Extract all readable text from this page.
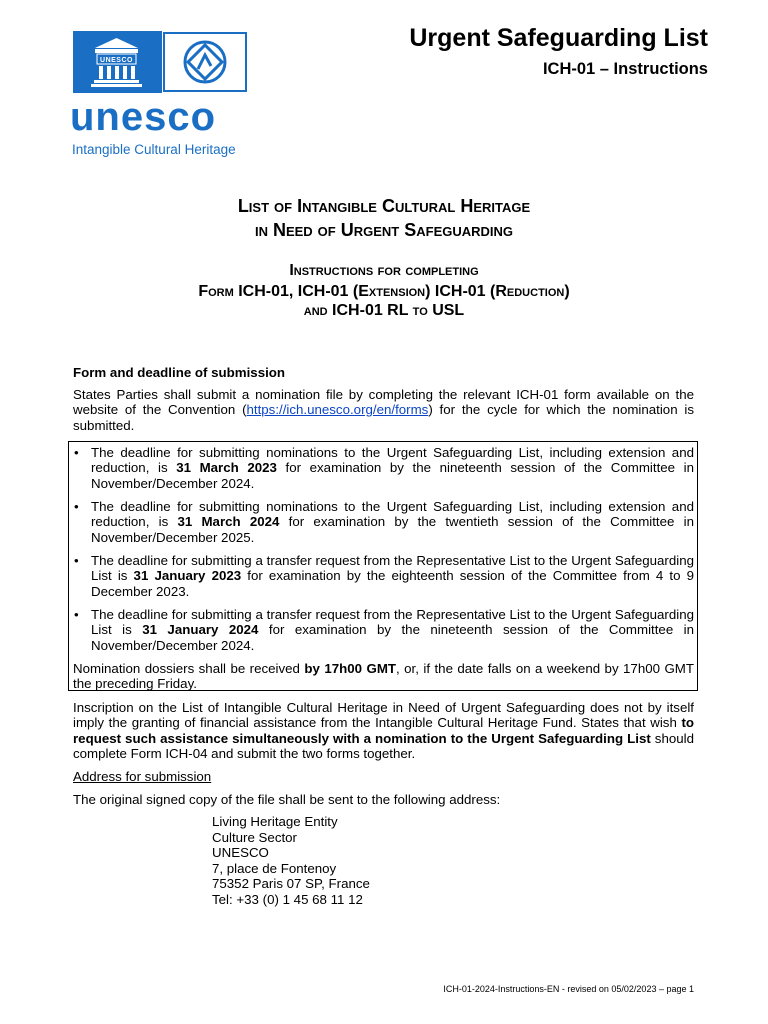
UNESCO
unesco
Intangible Cultural Heritage
Urgent Safeguarding List
ICH-01 – Instructions
List of Intangible Cultural Heritage
in Need of Urgent Safeguarding
Instructions for completing
Form ICH-01, ICH-01 (Extension) ICH-01 (Reduction)
and ICH-01 RL to USL
Form and deadline of submission
States Parties shall submit a nomination file by completing the relevant ICH-01 form available on the website of the Convention (https://ich.unesco.org/en/forms) for the cycle for which the nomination is submitted.
• The deadline for submitting nominations to the Urgent Safeguarding List, including extension and reduction, is 31 March 2023 for examination by the nineteenth session of the Committee in November/December 2024.
• The deadline for submitting nominations to the Urgent Safeguarding List, including extension and reduction, is 31 March 2024 for examination by the twentieth session of the Committee in November/December 2025.
• The deadline for submitting a transfer request from the Representative List to the Urgent Safeguarding List is 31 January 2023 for examination by the eighteenth session of the Committee from 4 to 9 December 2023.
• The deadline for submitting a transfer request from the Representative List to the Urgent Safeguarding List is 31 January 2024 for examination by the nineteenth session of the Committee in November/December 2024.
Nomination dossiers shall be received by 17h00 GMT, or, if the date falls on a weekend by 17h00 GMT the preceding Friday.
Inscription on the List of Intangible Cultural Heritage in Need of Urgent Safeguarding does not by itself imply the granting of financial assistance from the Intangible Cultural Heritage Fund. States that wish to request such assistance simultaneously with a nomination to the Urgent Safeguarding List should complete Form ICH-04 and submit the two forms together.
Address for submission
The original signed copy of the file shall be sent to the following address:
Living Heritage Entity
Culture Sector
UNESCO
7, place de Fontenoy
75352 Paris 07 SP, France
Tel: +33 (0) 1 45 68 11 12
ICH-01-2024-Instructions-EN - revised on 05/02/2023 – page 1
